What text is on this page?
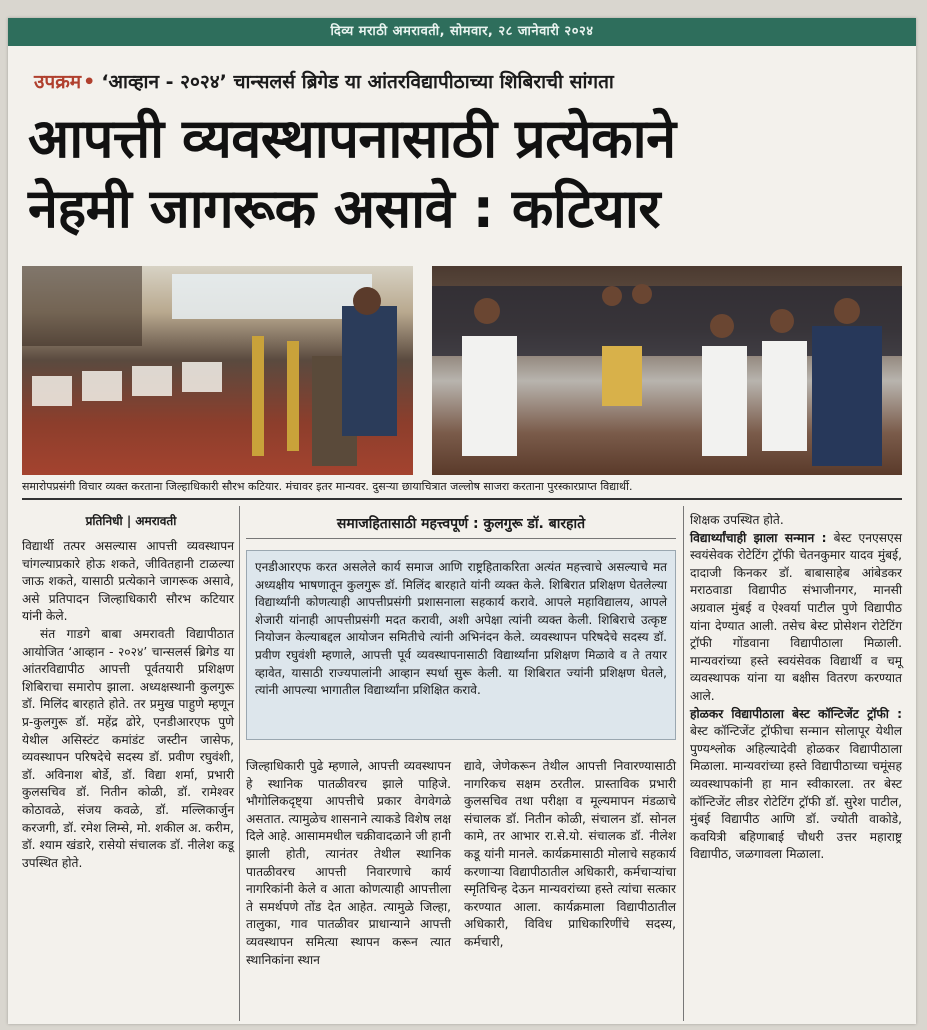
दिव्य मराठी अमरावती, सोमवार, २८ जानेवारी २०२४
उपक्रम • ‘आव्हान - २०२४’ चान्सलर्स ब्रिगेड या आंतरविद्यापीठाच्या शिबिराची सांगता
आपत्ती व्यवस्थापनासाठी प्रत्येकाने
नेहमी जागरूक असावे : कटियार
समारोपप्रसंगी विचार व्यक्त करताना जिल्हाधिकारी सौरभ कटियार. मंचावर इतर मान्यवर. दुसऱ्या छायाचित्रात जल्लोष साजरा करताना पुरस्कारप्राप्त विद्यार्थी.
प्रतिनिधी | अमरावती

विद्यार्थी तत्पर असल्यास आपत्ती व्यवस्थापन चांगल्याप्रकारे होऊ शकते, जीवितहानी टाळल्या जाऊ शकते, यासाठी प्रत्येकाने जागरूक असावे, असे प्रतिपादन जिल्हाधिकारी सौरभ कटियार यांनी केले.

संत गाडगे बाबा अमरावती विद्यापीठात आयोजित ‘आव्हान - २०२४’ चान्सलर्स ब्रिगेड या आंतरविद्यापीठ आपत्ती पूर्वतयारी प्रशिक्षण शिबिराचा समारोप झाला. अध्यक्षस्थानी कुलगुरू डॉ. मिलिंद बारहाते होते. तर प्रमुख पाहुणे म्हणून प्र-कुलगुरू डॉ. महेंद्र ढोरे, एनडीआरएफ पुणे येथील असिस्टंट कमांडंट जस्टीन जासेफ, व्यवस्थापन परिषदेचे सदस्य डॉ. प्रवीण रघुवंशी, डॉ. अविनाश बोर्डे, डॉ. विद्या शर्मा, प्रभारी कुलसचिव डॉ. नितीन कोळी, डॉ. रामेश्वर कोठावळे, संजय कवळे, डॉ. मल्लिकार्जुन करजगी, डॉ. रमेश लिम्से, मो. शकील अ. करीम, डॉ. श्याम खंडारे, रासेयो संचालक डॉ. नीलेश कडू उपस्थित होते.

समाजहितासाठी महत्त्वपूर्ण : कुलगुरू डॉ. बारहाते
एनडीआरएफ करत असलेले कार्य समाज आणि राष्ट्रहिताकरिता अत्यंत महत्त्वाचे असल्याचे मत अध्यक्षीय भाषणातून कुलगुरू डॉ. मिलिंद बारहाते यांनी व्यक्त केले. शिबिरात प्रशिक्षण घेतलेल्या विद्यार्थ्यांनी कोणत्याही आपत्तीप्रसंगी प्रशासनाला सहकार्य करावे. आपले महाविद्यालय, आपले शेजारी यांनाही आपत्तीप्रसंगी मदत करावी, अशी अपेक्षा त्यांनी व्यक्त केली. शिबिराचे उत्कृष्ट नियोजन केल्याबद्दल आयोजन समितीचे त्यांनी अभिनंदन केले. व्यवस्थापन परिषदेचे सदस्य डॉ. प्रवीण रघुवंशी म्हणाले, आपत्ती पूर्व व्यवस्थापनासाठी विद्यार्थ्यांना प्रशिक्षण मिळावे व ते तयार व्हावेत, यासाठी राज्यपालांनी आव्हान स्पर्धा सुरू केली. या शिबिरात ज्यांनी प्रशिक्षण घेतले, त्यांनी आपल्या भागातील विद्यार्थ्यांना प्रशिक्षित करावे.

जिल्हाधिकारी पुढे म्हणाले, आपत्ती व्यवस्थापन हे स्थानिक पातळीवरच झाले पाहिजे. भौगोलिकदृष्ट्या आपत्तीचे प्रकार वेगवेगळे असतात. त्यामुळेच शासनाने त्याकडे विशेष लक्ष दिले आहे. आसाममधील चक्रीवादळाने जी हानी झाली होती, त्यानंतर तेथील स्थानिक पातळीवरच आपत्ती निवारणाचे कार्य नागरिकांनी केले व आता कोणत्याही आपत्तीला ते समर्थपणे तोंड देत आहेत. त्यामुळे जिल्हा, तालुका, गाव पातळीवर प्राधान्याने आपत्ती व्यवस्थापन समित्या स्थापन करून त्यात स्थानिकांना स्थान

द्यावे, जेणेकरून तेथील आपत्ती निवारण्यासाठी नागरिकच सक्षम ठरतील. प्रास्ताविक प्रभारी कुलसचिव तथा परीक्षा व मूल्यमापन मंडळाचे संचालक डॉ. नितीन कोळी, संचालन डॉ. सोनल कामे, तर आभार रा.से.यो. संचालक डॉ. नीलेश कडू यांनी मानले. कार्यक्रमासाठी मोलाचे सहकार्य करणाऱ्या विद्यापीठातील अधिकारी, कर्मचाऱ्यांचा स्मृतिचिन्ह देऊन मान्यवरांच्या हस्ते त्यांचा सत्कार करण्यात आला. कार्यक्रमाला विद्यापीठातील अधिकारी, विविध प्राधिकारिणींचे सदस्य, कर्मचारी,

शिक्षक उपस्थित होते.

विद्यार्थ्यांचाही झाला सन्मान : बेस्ट एनएसएस स्वयंसेवक रोटेटिंग ट्रॉफी चेतनकुमार यादव मुंबई, दादाजी किनकर डॉ. बाबासाहेब आंबेडकर मराठवाडा विद्यापीठ संभाजीनगर, मानसी अग्रवाल मुंबई व ऐश्वर्या पाटील पुणे विद्यापीठ यांना देण्यात आली. तसेच बेस्ट प्रोसेशन रोटेटिंग ट्रॉफी गोंडवाना विद्यापीठाला मिळाली. मान्यवरांच्या हस्ते स्वयंसेवक विद्यार्थी व चमू व्यवस्थापक यांना या बक्षीस वितरण करण्यात आले.

होळकर विद्यापीठाला बेस्ट कॉन्टिजेंट ट्रॉफी : बेस्ट कॉन्टिजेंट ट्रॉफीचा सन्मान सोलापूर येथील पुण्यश्लोक अहिल्यादेवी होळकर विद्यापीठाला मिळाला. मान्यवरांच्या हस्ते विद्यापीठाच्या चमूंसह व्यवस्थापकांनी हा मान स्वीकारला. तर बेस्ट कॉन्टिजेंट लीडर रोटेटिंग ट्रॉफी डॉ. सुरेश पाटील, मुंबई विद्यापीठ आणि डॉ. ज्योती वाकोडे, कवयित्री बहिणाबाई चौधरी उत्तर महाराष्ट्र विद्यापीठ, जळगावला मिळाला.
